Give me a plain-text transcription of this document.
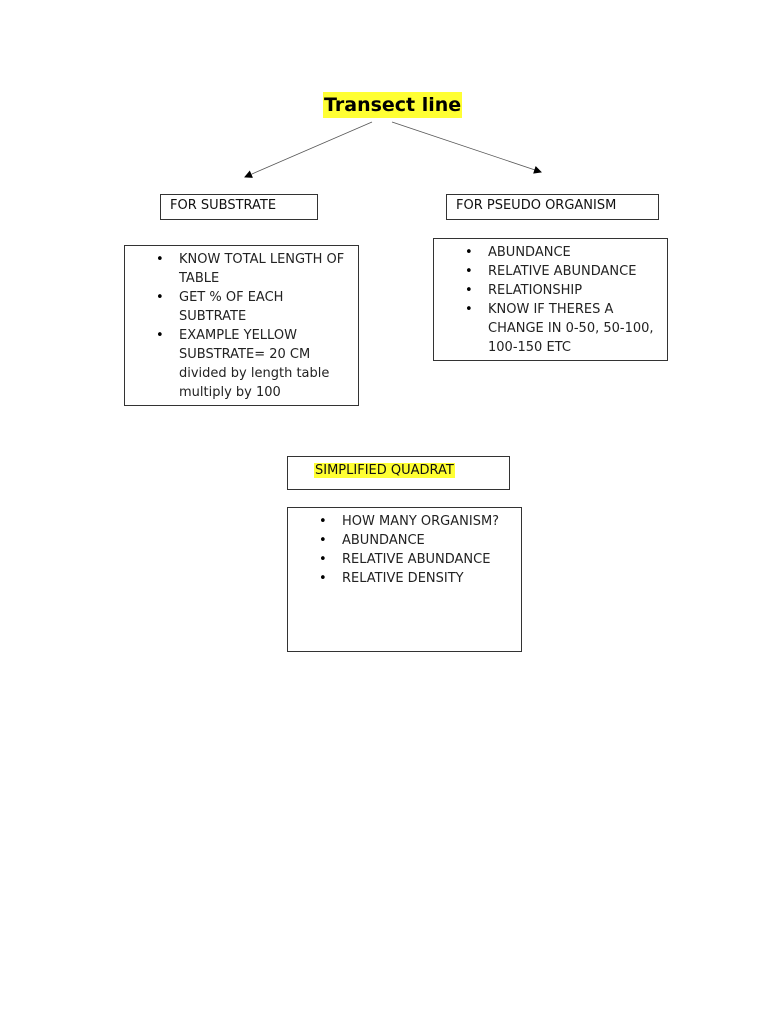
Transect line
FOR SUBSTRATE	FOR PSEUDO ORGANISM
• KNOW TOTAL LENGTH OF TABLE
• GET % OF EACH SUBTRATE
• EXAMPLE YELLOW SUBSTRATE= 20 CM divided by length table multiply by 100
• ABUNDANCE
• RELATIVE ABUNDANCE
• RELATIONSHIP
• KNOW IF THERES A CHANGE IN 0-50, 50-100, 100-150 ETC
SIMPLIFIED QUADRAT
• HOW MANY ORGANISM?
• ABUNDANCE
• RELATIVE ABUNDANCE
• RELATIVE DENSITY
